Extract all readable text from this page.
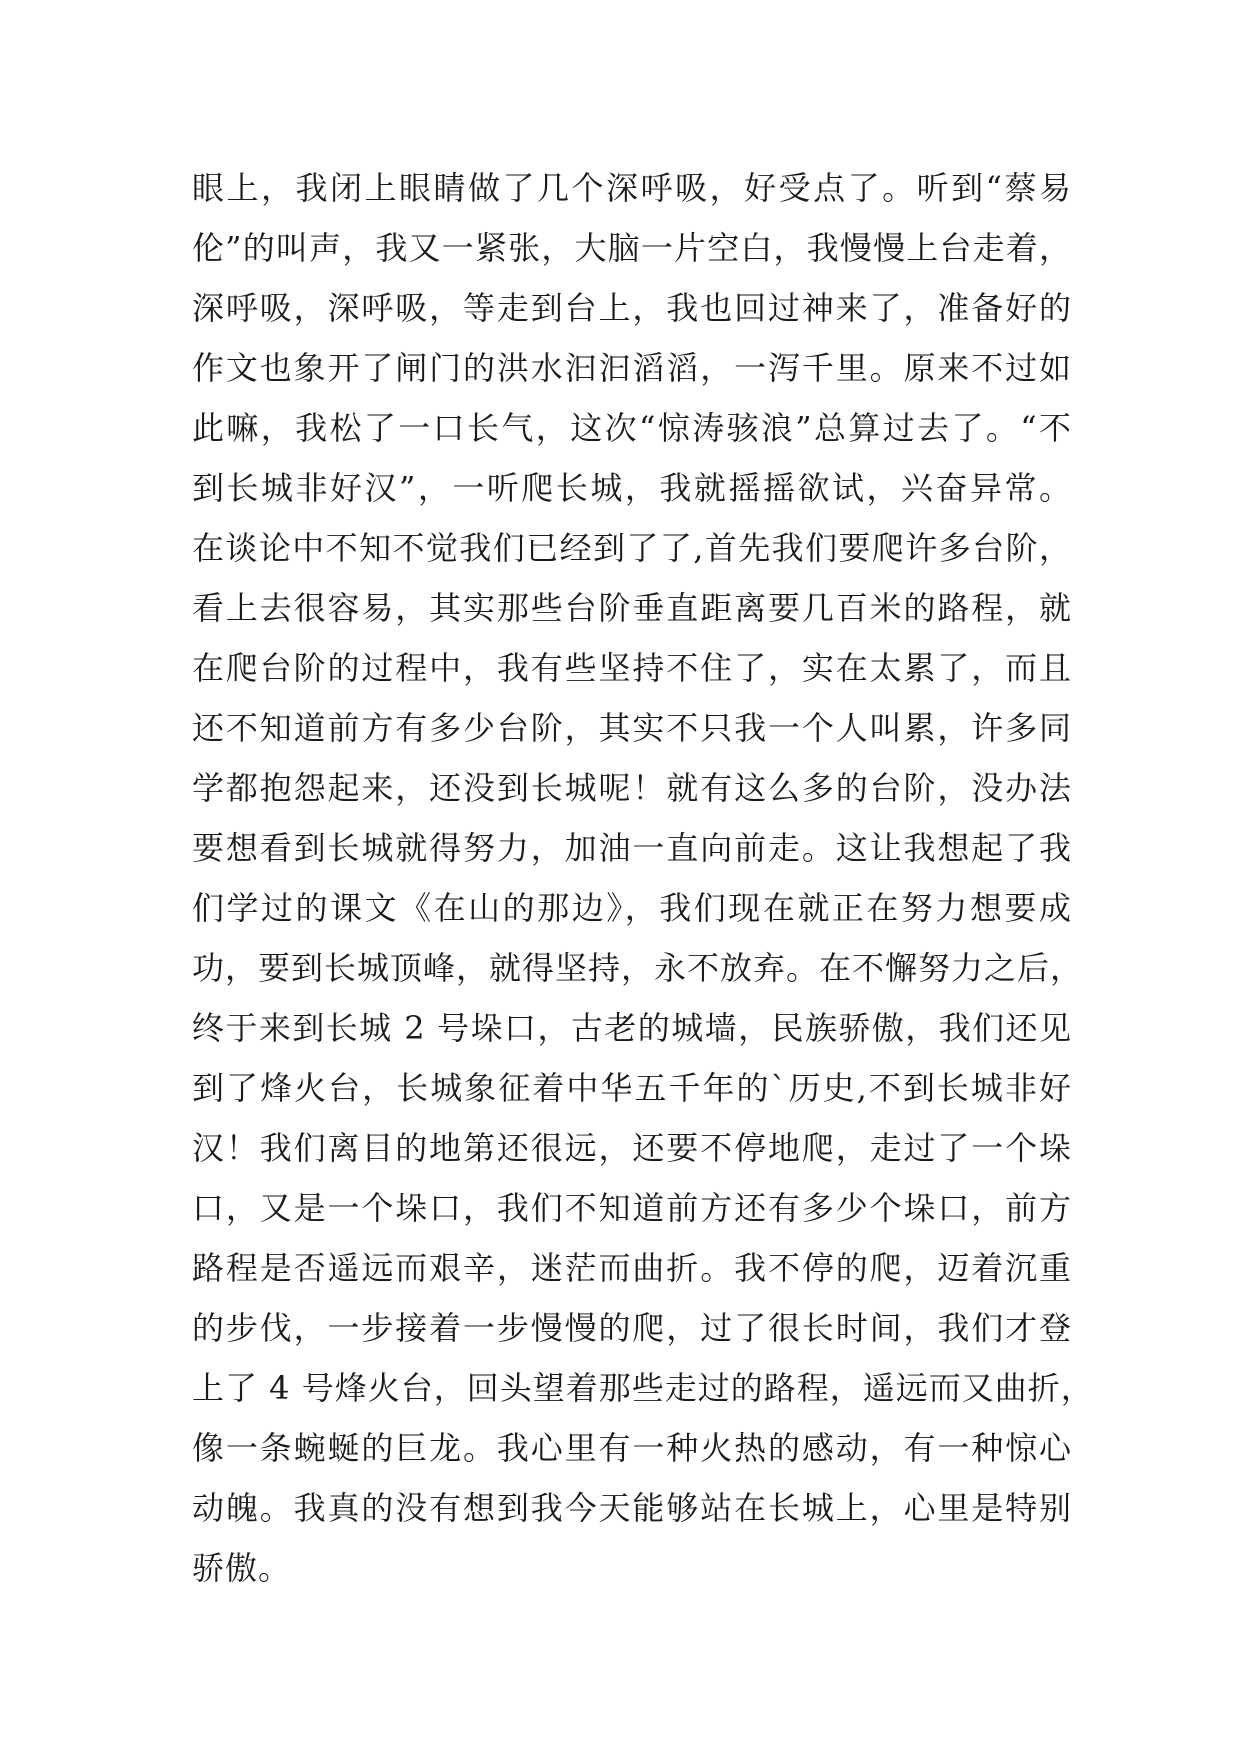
眼上，我闭上眼睛做了几个深呼吸，好受点了。听到“蔡易
伦”的叫声，我又一紧张，大脑一片空白，我慢慢上台走着，
深呼吸，深呼吸，等走到台上，我也回过神来了，准备好的
作文也象开了闸门的洪水汩汩滔滔，一泻千里。原来不过如
此嘛，我松了一口长气，这次“惊涛骇浪”总算过去了。“不
到长城非好汉”，一听爬长城，我就摇摇欲试，兴奋异常。
在谈论中不知不觉我们已经到了了,首先我们要爬许多台阶，
看上去很容易，其实那些台阶垂直距离要几百米的路程，就
在爬台阶的过程中，我有些坚持不住了，实在太累了，而且
还不知道前方有多少台阶，其实不只我一个人叫累，许多同
学都抱怨起来，还没到长城呢！就有这么多的台阶，没办法
要想看到长城就得努力，加油一直向前走。这让我想起了我
们学过的课文《在山的那边》，我们现在就正在努力想要成
功，要到长城顶峰，就得坚持，永不放弃。在不懈努力之后，
终于来到长城 2 号垛口，古老的城墙，民族骄傲，我们还见
到了烽火台，长城象征着中华五千年的`历史,不到长城非好
汉！我们离目的地第还很远，还要不停地爬，走过了一个垛
口，又是一个垛口，我们不知道前方还有多少个垛口，前方
路程是否遥远而艰辛，迷茫而曲折。我不停的爬，迈着沉重
的步伐，一步接着一步慢慢的爬，过了很长时间，我们才登
上了 4 号烽火台，回头望着那些走过的路程，遥远而又曲折，
像一条蜿蜒的巨龙。我心里有一种火热的感动，有一种惊心
动魄。我真的没有想到我今天能够站在长城上，心里是特别
骄傲。
